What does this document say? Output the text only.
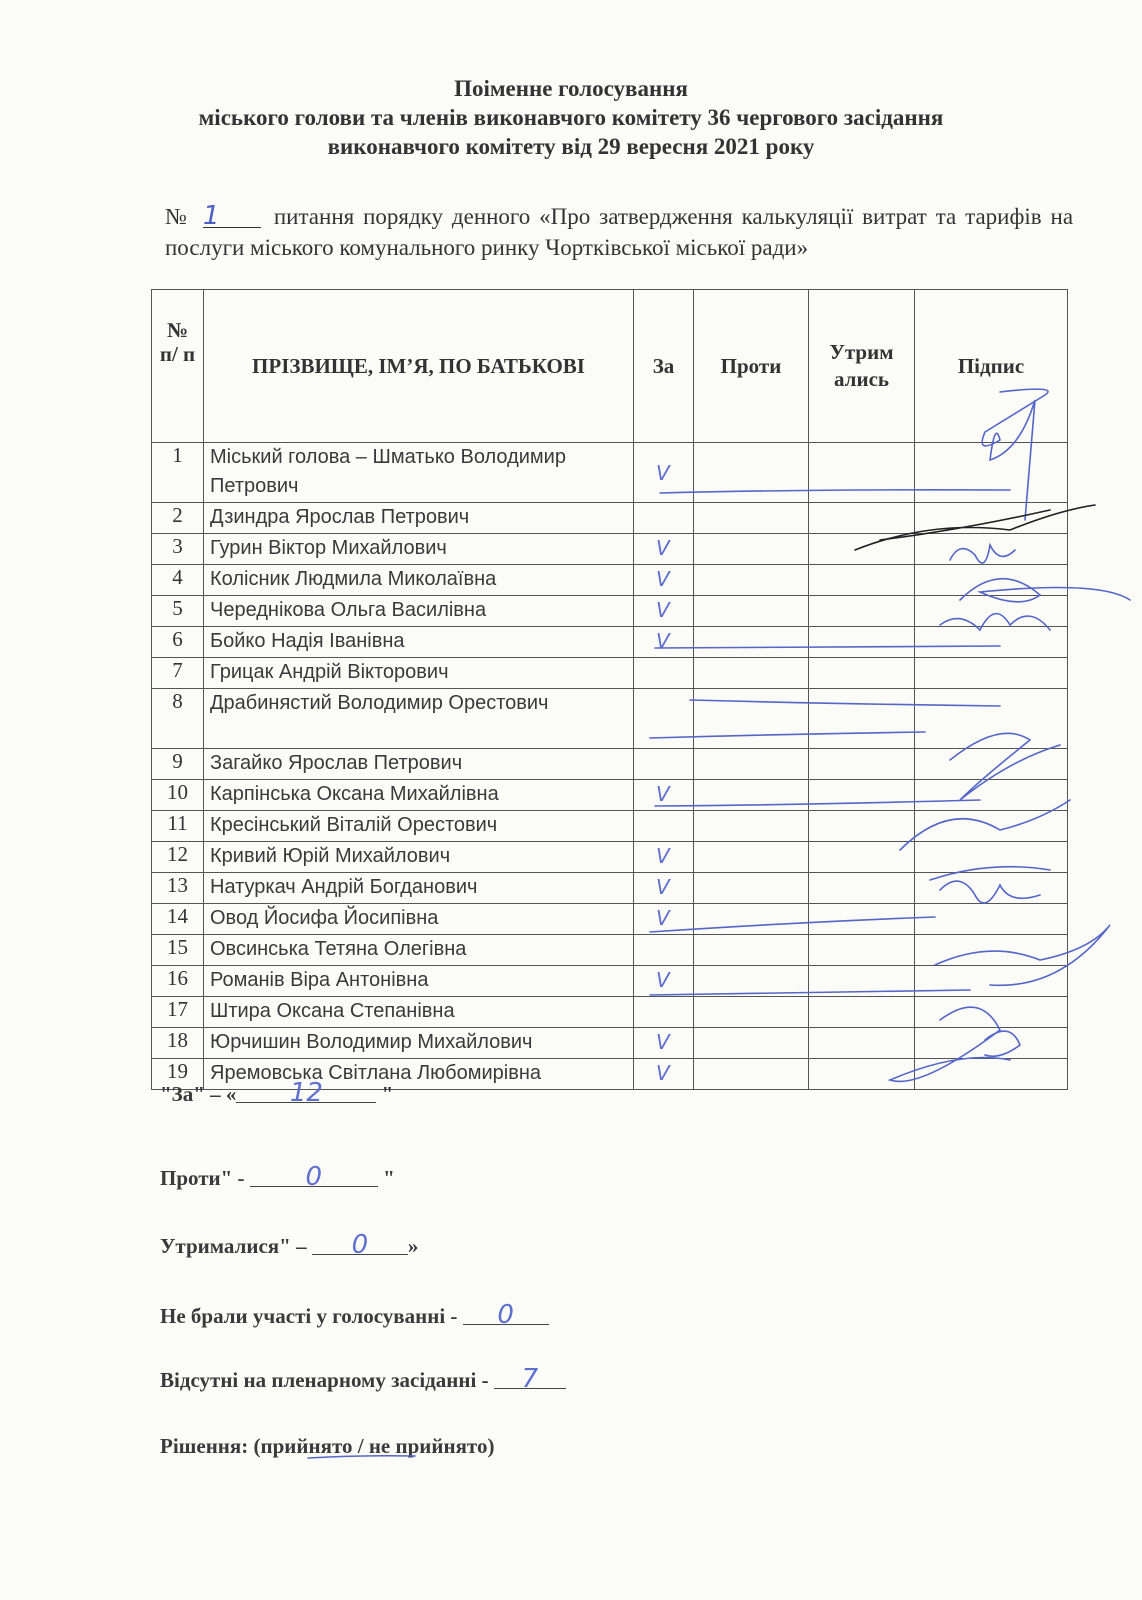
Поіменне голосування
міського голови та членів виконавчого комітету 36 чергового засідання
виконавчого комітету від 29 вересня 2021 року
№ 1 питання порядку денного «Про затвердження калькуляції витрат та тарифів на послуги міського комунального ринку Чортківської міської ради»
№ п/ п	ПРІЗВИЩЕ, ІМ’Я, ПО БАТЬКОВІ	За	Проти	Утрим ались	Підпис
1	Міський голова – Шматько Володимир Петрович	V			

2	Дзиндра Ярослав Петрович	

3	Гурин Віктор Михайлович	V			

4	Колісник Людмила Миколаївна	V			

5	Череднікова Ольга Василівна	V			

6	Бойко Надія Іванівна	V			

7	Грицак Андрій Вікторович	

8	Драбинястий Володимир Орестович	

9	Загайко Ярослав Петрович	

10	Карпінська Оксана Михайлівна	V			

11	Кресінський Віталій Орестович	

12	Кривий Юрій Михайлович	V			

13	Натуркач Андрій Богданович	V			

14	Овод Йосифа Йосипівна	V			

15	Овсинська Тетяна Олегівна	

16	Романів Віра Антонівна	V			

17	Штира Оксана Степанівна	

18	Юрчишин Володимир Михайлович	V			

19	Яремовська Світлана Любомирівна	V			

"За" – « 12	"
Проти" - 0	"
Утрималися" – 0 »
Не брали участі у голосуванні - 0
Відсутні на пленарному засіданні - 7
Рішення: (прийнято / не прийнято)
